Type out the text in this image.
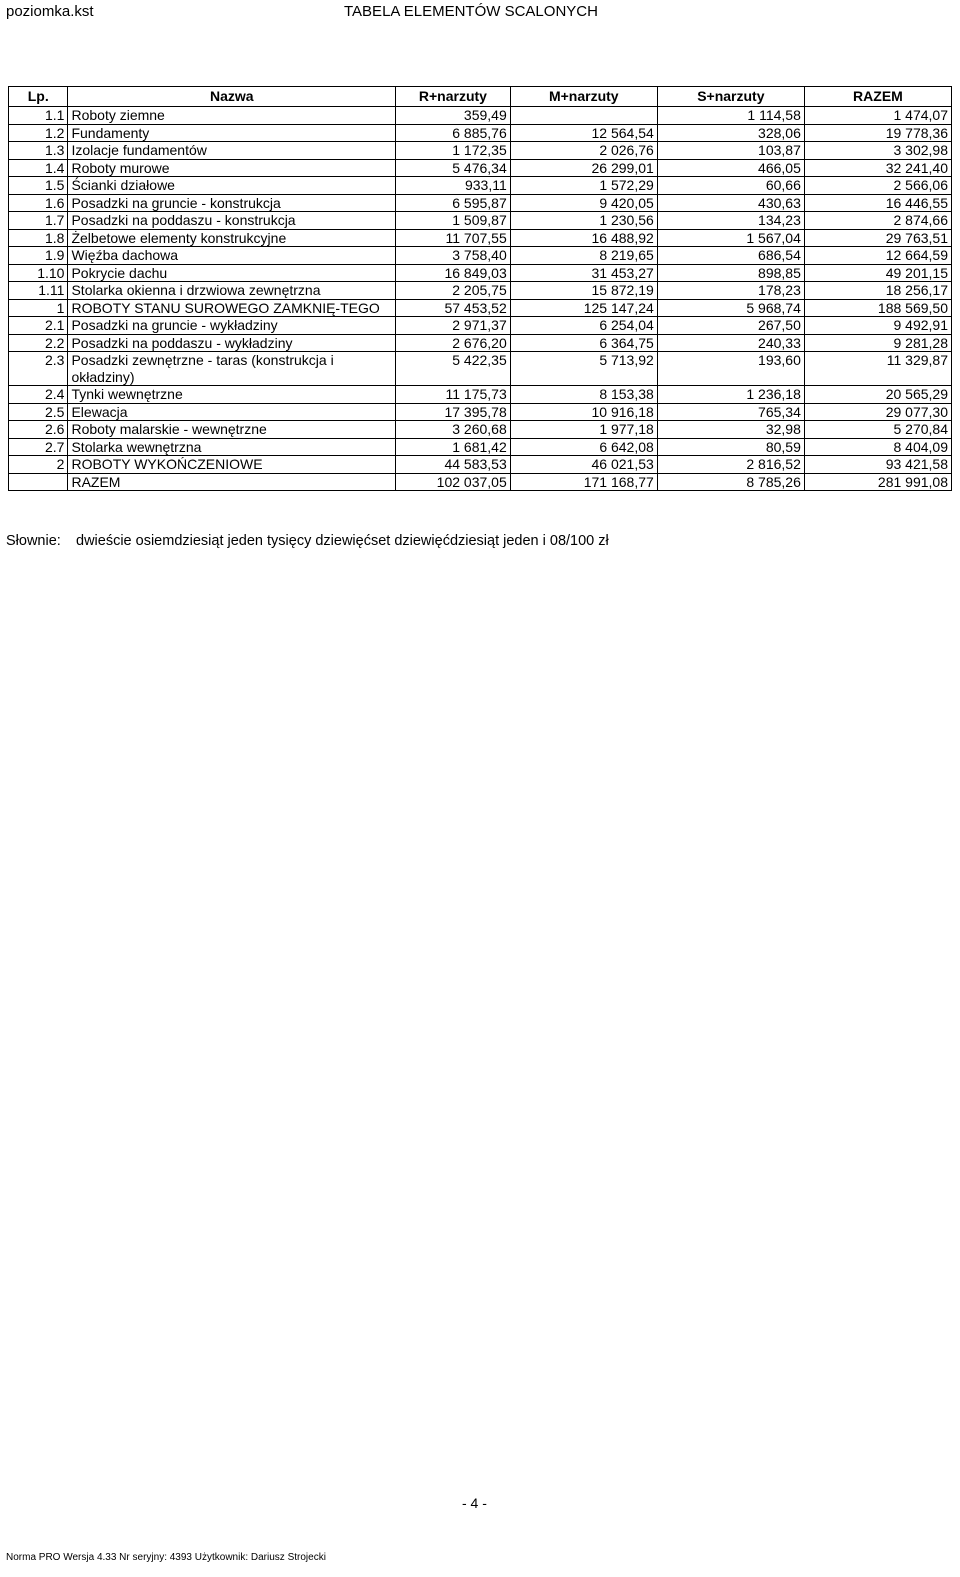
poziomka.kst	TABELA ELEMENTÓW SCALONYCH
Lp.	Nazwa	R+narzuty	M+narzuty	S+narzuty	RAZEM
1.1	Roboty ziemne	359,49		1 114,58	1 474,07
1.2	Fundamenty	6 885,76	12 564,54	328,06	19 778,36
1.3	Izolacje fundamentów	1 172,35	2 026,76	103,87	3 302,98
1.4	Roboty murowe	5 476,34	26 299,01	466,05	32 241,40
1.5	Ścianki działowe	933,11	1 572,29	60,66	2 566,06
1.6	Posadzki na gruncie - konstrukcja	6 595,87	9 420,05	430,63	16 446,55
1.7	Posadzki na poddaszu - konstrukcja	1 509,87	1 230,56	134,23	2 874,66
1.8	Żelbetowe elementy konstrukcyjne	11 707,55	16 488,92	1 567,04	29 763,51
1.9	Więźba dachowa	3 758,40	8 219,65	686,54	12 664,59
1.10	Pokrycie dachu	16 849,03	31 453,27	898,85	49 201,15
1.11	Stolarka okienna i drzwiowa zewnętrzna	2 205,75	15 872,19	178,23	18 256,17
1	ROBOTY STANU SUROWEGO ZAMKNIĘ-TEGO	57 453,52	125 147,24	5 968,74	188 569,50
2.1	Posadzki na gruncie - wykładziny	2 971,37	6 254,04	267,50	9 492,91
2.2	Posadzki na poddaszu - wykładziny	2 676,20	6 364,75	240,33	9 281,28
2.3	Posadzki zewnętrzne - taras (konstrukcja i okładziny)	5 422,35	5 713,92	193,60	11 329,87
2.4	Tynki wewnętrzne	11 175,73	8 153,38	1 236,18	20 565,29
2.5	Elewacja	17 395,78	10 916,18	765,34	29 077,30
2.6	Roboty malarskie - wewnętrzne	3 260,68	1 977,18	32,98	5 270,84
2.7	Stolarka wewnętrzna	1 681,42	6 642,08	80,59	8 404,09
2	ROBOTY WYKOŃCZENIOWE	44 583,53	46 021,53	2 816,52	93 421,58
	RAZEM	102 037,05	171 168,77	8 785,26	281 991,08
Słownie: dwieście osiemdziesiąt jeden tysięcy dziewięćset dziewięćdziesiąt jeden i 08/100 zł
- 4 -
Norma PRO Wersja 4.33 Nr seryjny: 4393 Użytkownik: Dariusz Strojecki
